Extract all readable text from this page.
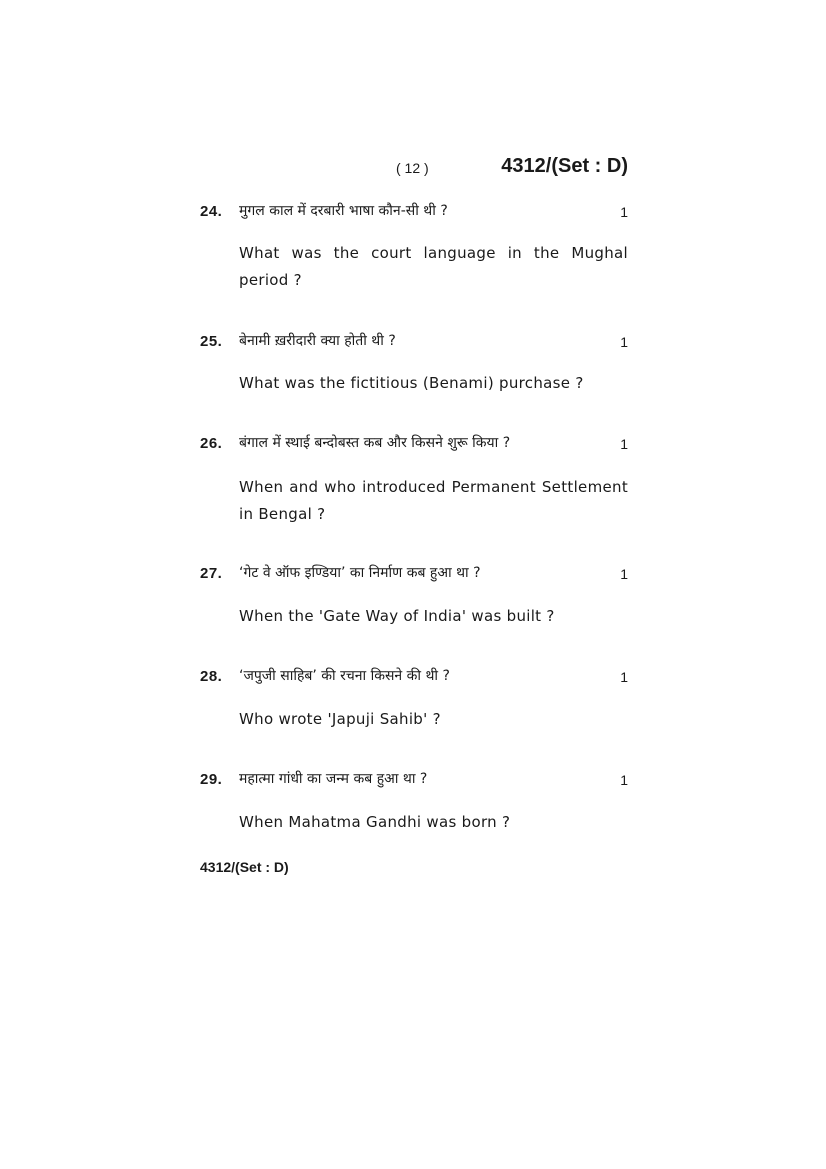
( 12 )	4312/(Set : D)
24. मुगल काल में दरबारी भाषा कौन-सी थी ?	1
What was the court language in the Mughal period ?
25. बेनामी ख़रीदारी क्या होती थी ?	1
What was the fictitious (Benami) purchase ?
26. बंगाल में स्थाई बन्दोबस्त कब और किसने शुरू किया ?	1
When and who introduced Permanent Settlement in Bengal ?
27. ‘गेट वे ऑफ इण्डिया’ का निर्माण कब हुआ था ?	1
When the 'Gate Way of India' was built ?
28. ‘जपुजी साहिब’ की रचना किसने की थी ?	1
Who wrote 'Japuji Sahib' ?
29. महात्मा गांधी का जन्म कब हुआ था ?	1
When Mahatma Gandhi was born ?
4312/(Set : D)
